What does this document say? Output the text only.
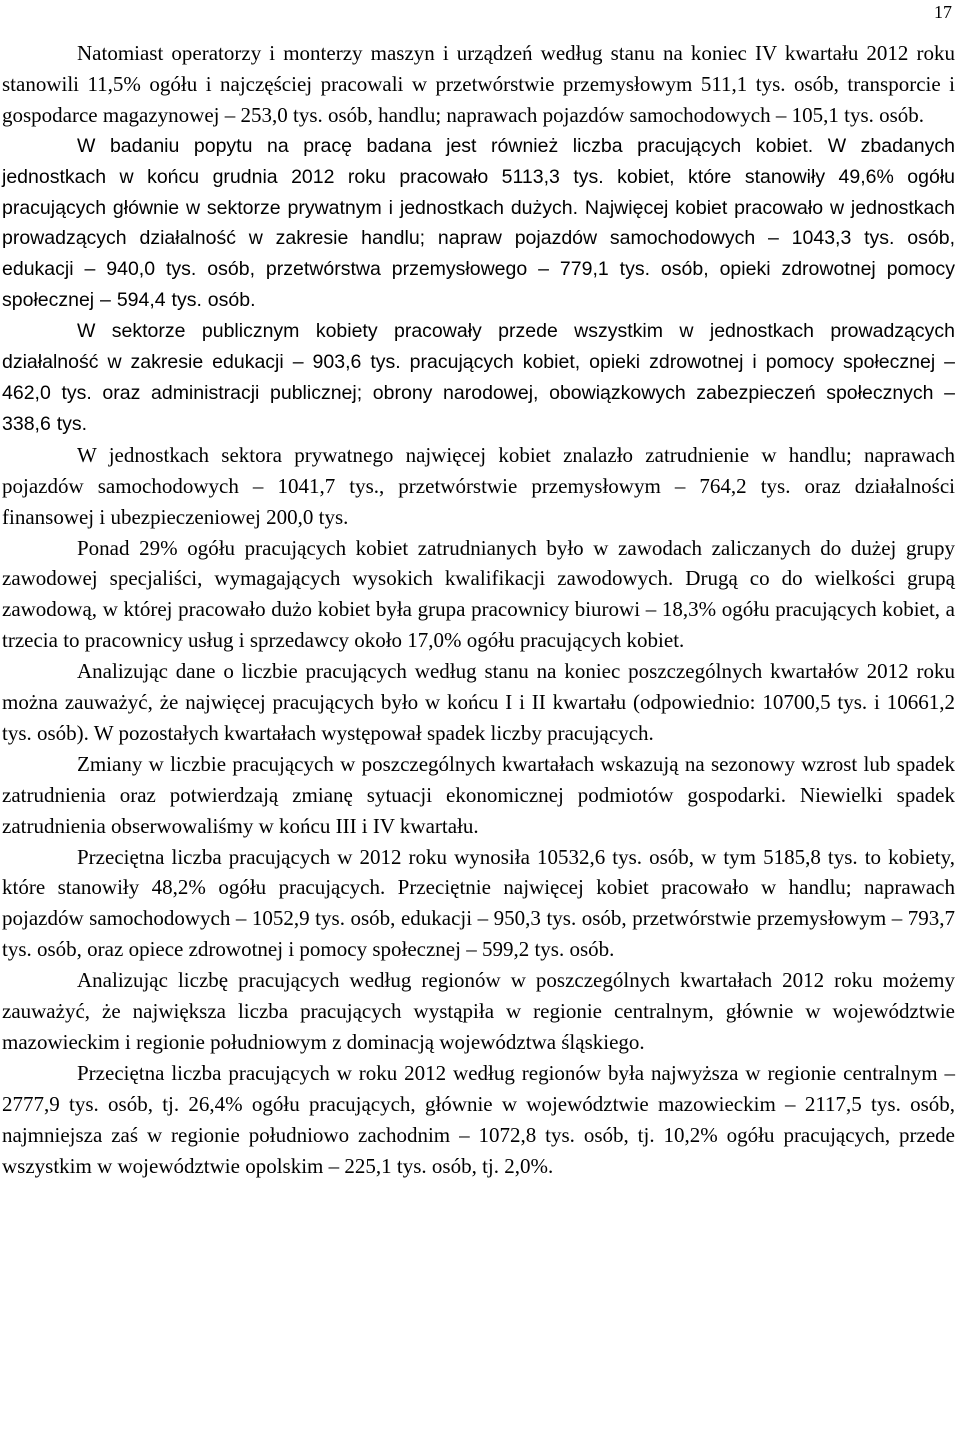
17

Natomiast operatorzy i monterzy maszyn i urządzeń według stanu na koniec IV kwartału 2012 roku stanowili 11,5% ogółu i najczęściej pracowali w przetwórstwie przemysłowym 511,1 tys. osób, transporcie i gospodarce magazynowej – 253,0 tys. osób, handlu; naprawach pojazdów samochodowych – 105,1 tys. osób.

W badaniu popytu na pracę badana jest również liczba pracujących kobiet. W zbadanych jednostkach w końcu grudnia 2012 roku pracowało 5113,3 tys. kobiet, które stanowiły 49,6% ogółu pracujących głównie w sektorze prywatnym i jednostkach dużych. Najwięcej kobiet pracowało w jednostkach prowadzących działalność w zakresie handlu; napraw pojazdów samochodowych – 1043,3 tys. osób, edukacji – 940,0 tys. osób, przetwórstwa przemysłowego – 779,1 tys. osób, opieki zdrowotnej pomocy społecznej – 594,4 tys. osób.

W sektorze publicznym kobiety pracowały przede wszystkim w jednostkach prowadzących działalność w zakresie edukacji – 903,6 tys. pracujących kobiet, opieki zdrowotnej i pomocy społecznej – 462,0 tys. oraz administracji publicznej; obrony narodowej, obowiązkowych zabezpieczeń społecznych – 338,6 tys.

W jednostkach sektora prywatnego najwięcej kobiet znalazło zatrudnienie w handlu; naprawach pojazdów samochodowych – 1041,7 tys., przetwórstwie przemysłowym – 764,2 tys. oraz działalności finansowej i ubezpieczeniowej 200,0 tys.

Ponad 29% ogółu pracujących kobiet zatrudnianych było w zawodach zaliczanych do dużej grupy zawodowej specjaliści, wymagających wysokich kwalifikacji zawodowych. Drugą co do wielkości grupą zawodową, w której pracowało dużo kobiet była grupa pracownicy biurowi – 18,3% ogółu pracujących kobiet, a trzecia to pracownicy usług i sprzedawcy około 17,0% ogółu pracujących kobiet.

Analizując dane o liczbie pracujących według stanu na koniec poszczególnych kwartałów 2012 roku można zauważyć, że najwięcej pracujących było w końcu I i II kwartału (odpowiednio: 10700,5 tys. i 10661,2 tys. osób). W pozostałych kwartałach występował spadek liczby pracujących.

Zmiany w liczbie pracujących w poszczególnych kwartałach wskazują na sezonowy wzrost lub spadek zatrudnienia oraz potwierdzają zmianę sytuacji ekonomicznej podmiotów gospodarki. Niewielki spadek zatrudnienia obserwowaliśmy w końcu III i IV kwartału.

Przeciętna liczba pracujących w 2012 roku wynosiła 10532,6 tys. osób, w tym 5185,8 tys. to kobiety, które stanowiły 48,2% ogółu pracujących. Przeciętnie najwięcej kobiet pracowało w handlu; naprawach pojazdów samochodowych – 1052,9 tys. osób, edukacji – 950,3 tys. osób, przetwórstwie przemysłowym – 793,7 tys. osób, oraz opiece zdrowotnej i pomocy społecznej – 599,2 tys. osób.

Analizując liczbę pracujących według regionów w poszczególnych kwartałach 2012 roku możemy zauważyć, że największa liczba pracujących wystąpiła w regionie centralnym, głównie w województwie mazowieckim i regionie południowym z dominacją województwa śląskiego.

Przeciętna liczba pracujących w roku 2012 według regionów była najwyższa w regionie centralnym – 2777,9 tys. osób, tj. 26,4% ogółu pracujących, głównie w województwie mazowieckim – 2117,5 tys. osób, najmniejsza zaś w regionie południowo zachodnim – 1072,8 tys. osób, tj. 10,2% ogółu pracujących, przede wszystkim w województwie opolskim – 225,1 tys. osób, tj. 2,0%.
